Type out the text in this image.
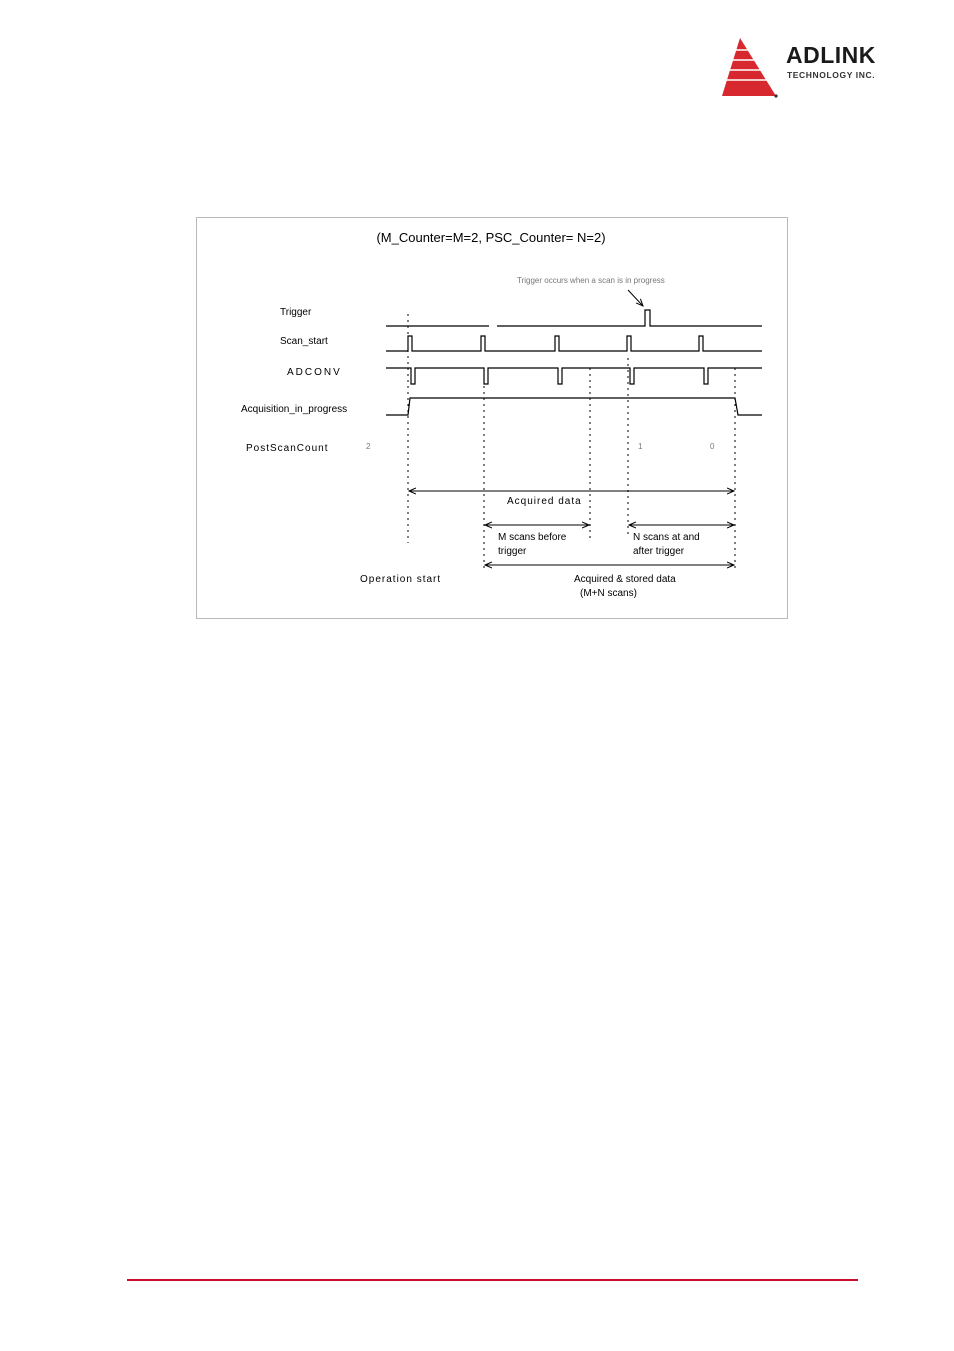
ADLINK
TECHNOLOGY INC.
(M_Counter=M=2, PSC_Counter= N=2)
Trigger occurs when a scan is in progress
Trigger
Scan_start
ADCONV
Acquisition_in_progress
PostScanCount	2	1	0
Acquired data
M scans before
trigger
N scans at and
after trigger
Operation start	Acquired & stored data
(M+N scans)
